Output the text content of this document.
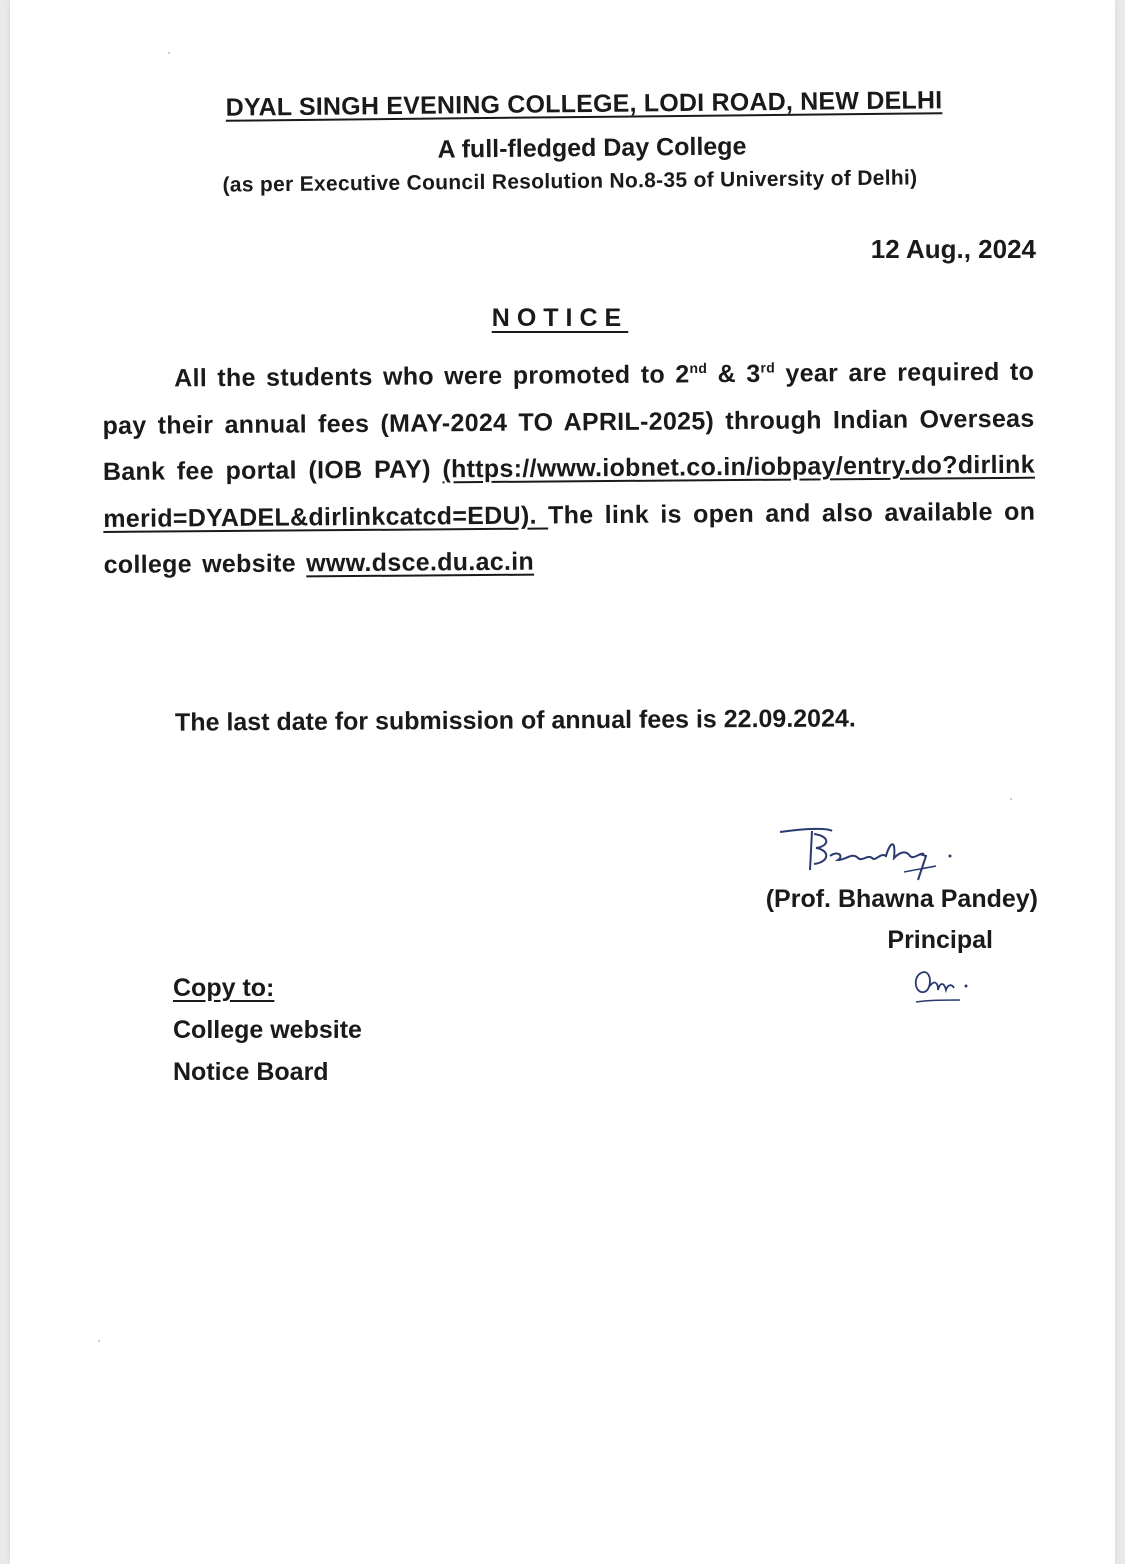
DYAL SINGH EVENING COLLEGE, LODI ROAD, NEW DELHI
A full-fledged Day College
(as per Executive Council Resolution No.8-35 of University of Delhi)
12 Aug., 2024
NOTICE
All the students who were promoted to 2nd & 3rd year are required to pay their annual fees (MAY-2024 TO APRIL-2025) through Indian Overseas Bank fee portal (IOB PAY) (https://www.iobnet.co.in/iobpay/entry.do?dirlinkmerid=DYADEL&dirlinkcatcd=EDU). The link is open and also available on college website www.dsce.du.ac.in
The last date for submission of annual fees is 22.09.2024.
(Prof. Bhawna Pandey)
Principal
Copy to:
College website
Notice Board
